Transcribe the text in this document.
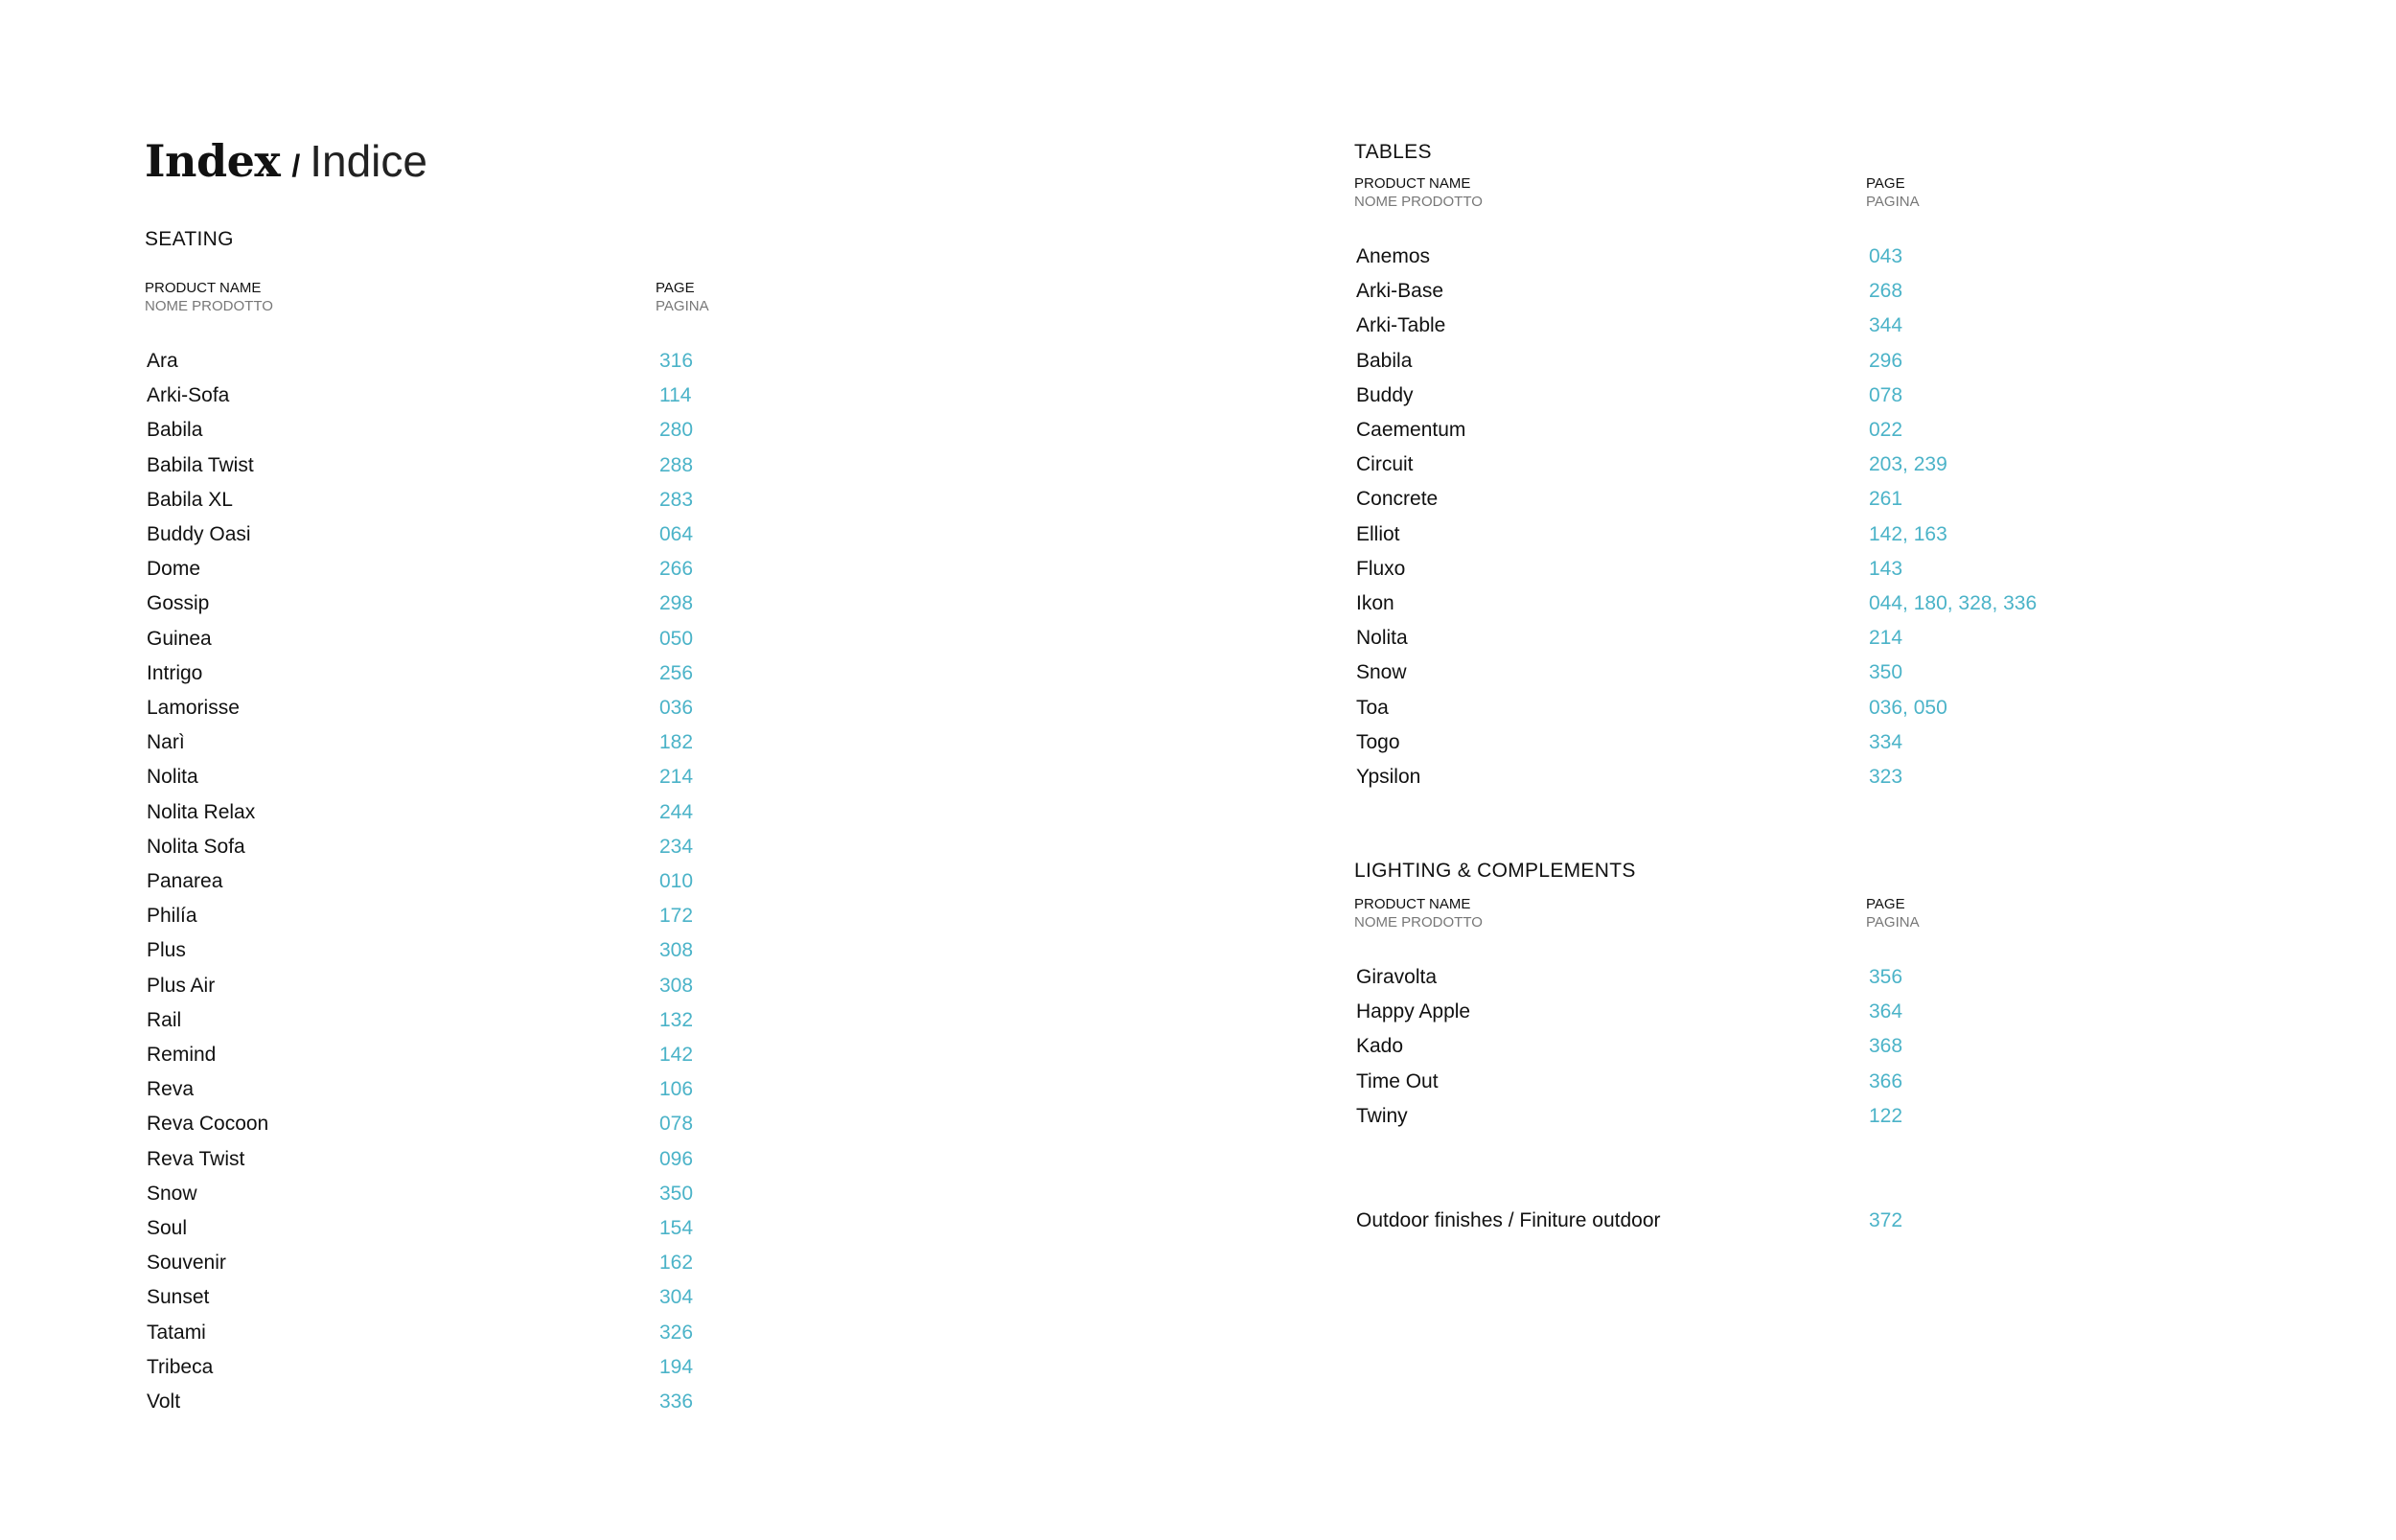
Index / Indice
SEATING
PRODUCT NAME
NOME PRODOTTO
PAGE
PAGINA
Ara	316
Arki-Sofa	114
Babila	280
Babila Twist	288
Babila XL	283
Buddy Oasi	064
Dome	266
Gossip	298
Guinea	050
Intrigo	256
Lamorisse	036
Narì	182
Nolita	214
Nolita Relax	244
Nolita Sofa	234
Panarea	010
Philía	172
Plus	308
Plus Air	308
Rail	132
Remind	142
Reva	106
Reva Cocoon	078
Reva Twist	096
Snow	350
Soul	154
Souvenir	162
Sunset	304
Tatami	326
Tribeca	194
Volt	336
TABLES
PRODUCT NAME
NOME PRODOTTO
PAGE
PAGINA
Anemos	043
Arki-Base	268
Arki-Table	344
Babila	296
Buddy	078
Caementum	022
Circuit	203, 239
Concrete	261
Elliot	142, 163
Fluxo	143
Ikon	044, 180, 328, 336
Nolita	214
Snow	350
Toa	036, 050
Togo	334
Ypsilon	323
LIGHTING & COMPLEMENTS
PRODUCT NAME
NOME PRODOTTO
PAGE
PAGINA
Giravolta	356
Happy Apple	364
Kado	368
Time Out	366
Twiny	122
Outdoor finishes / Finiture outdoor	372
